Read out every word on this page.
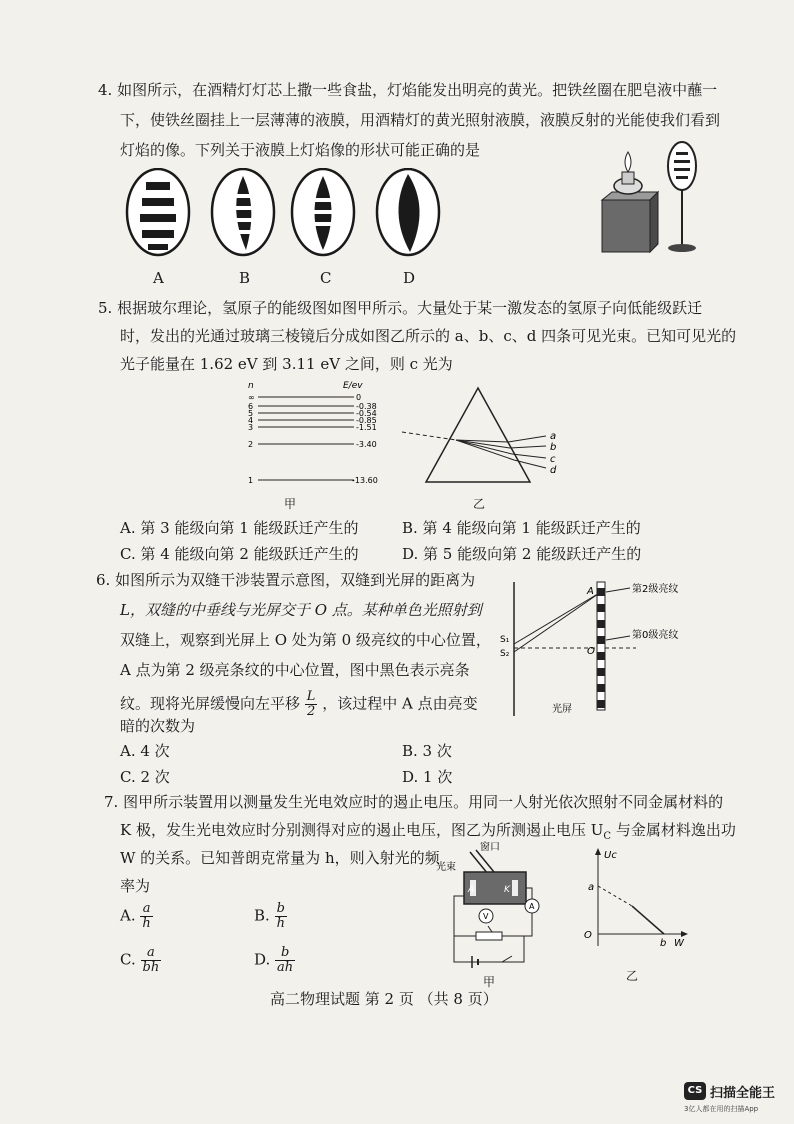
4. 如图所示，在酒精灯灯芯上撒一些食盐，灯焰能发出明亮的黄光。把铁丝圈在肥皂液中蘸一
下，使铁丝圈挂上一层薄薄的液膜，用酒精灯的黄光照射液膜，液膜反射的光能使我们看到
灯焰的像。下列关于液膜上灯焰像的形状可能正确的是
A	B	C	D
5. 根据玻尔理论，氢原子的能级图如图甲所示。大量处于某一激发态的氢原子向低能级跃迁
时，发出的光通过玻璃三棱镜后分成如图乙所示的 a、b、c、d 四条可见光束。已知可见光的
光子能量在 1.62 eV 到 3.11 eV 之间，则 c 光为
n	E/ev
∞
6
5
4
3
2
1
0
-0.38
-0.54
-0.85
-1.51
-3.40
-13.60
甲
a
b
c
d
乙
A. 第 3 能级向第 1 能级跃迁产生的	B. 第 4 能级向第 1 能级跃迁产生的
C. 第 4 能级向第 2 能级跃迁产生的	D. 第 5 能级向第 2 能级跃迁产生的
6. 如图所示为双缝干涉装置示意图，双缝到光屏的距离为
L，双缝的中垂线与光屏交于 O 点。某种单色光照射到
双缝上，观察到光屏上 O 处为第 0 级亮纹的中心位置，
A 点为第 2 级亮条纹的中心位置，图中黑色表示亮条
纹。现将光屏缓慢向左平移 $\frac{L}{2}$ ，该过程中 A 点由亮变
暗的次数为
第2级亮纹
第0级亮纹
A
O
S₁
S₂
光屏
A. 4 次	B. 3 次
C. 2 次	D. 1 次
7. 图甲所示装置用以测量发生光电效应时的遏止电压。用同一人射光依次照射不同金属材料的
K 极，发生光电效应时分别测得对应的遏止电压，图乙为所测遏止电压 $U_C$ 与金属材料逸出功
W 的关系。已知普朗克常量为 h，则入射光的频
率为
A. $\frac{a}{h}$	B. $\frac{b}{h}$
C. $\frac{a}{bh}$	D. $\frac{b}{ah}$
窗口
光束
A	K
V
A
甲
Uc
a
O
b W
乙
高二物理试题 第 2 页 （共 8 页）
CS 扫描全能王
3亿人都在用的扫描App
